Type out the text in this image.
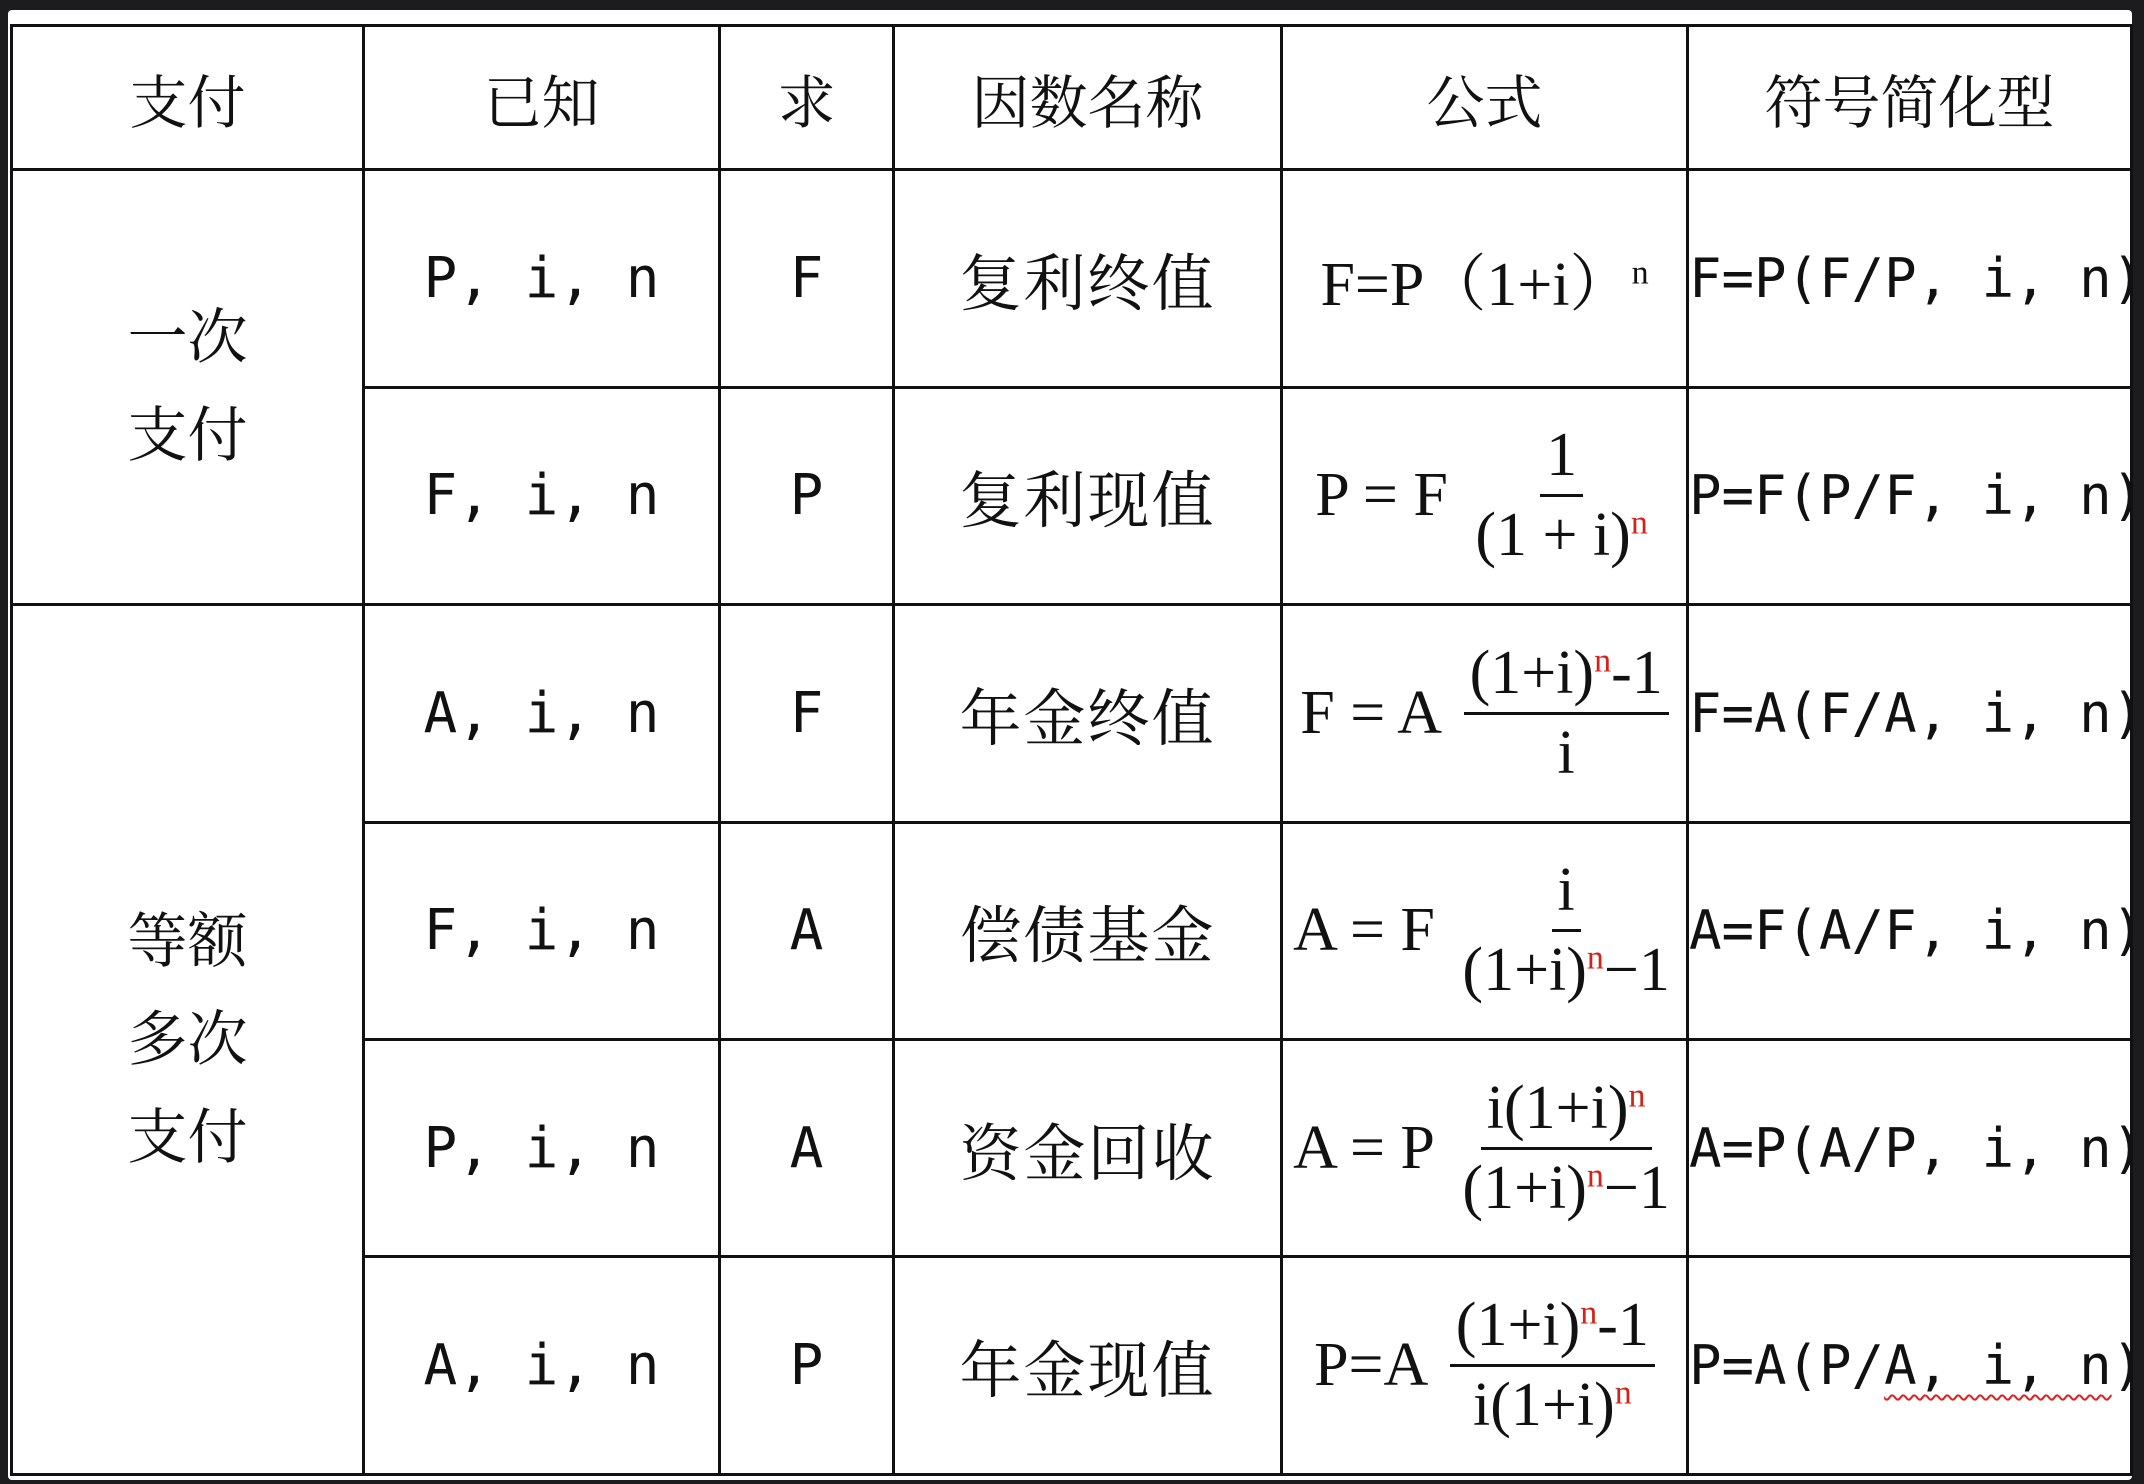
支付	已知	求	因数名称	公式	符号简化型

一次
支付	P, i, n	F	复利终值	$F=P(1+i)^n$	F=P(F/P, i, n)
	F, i, n	P	复利现值	P = F $\frac{1}{(1 + i)^n}$	P=F(P/F, i, n)

等额
多次
支付	A, i, n	F	年金终值	F = A $\frac{(1+i)^n-1}{i}$	F=A(F/A, i, n)
	F, i, n	A	偿债基金	A = F $\frac{i}{(1+i)^n-1}$	A=F(A/F, i, n)
	P, i, n	A	资金回收	A = P $\frac{i(1+i)^n}{(1+i)^n-1}$	A=P(A/P, i, n)
	A, i, n	P	年金现值	$P=A \frac{(1+i)^n-1}{i(1+i)^n}$	P=A(P/A, i, n)
